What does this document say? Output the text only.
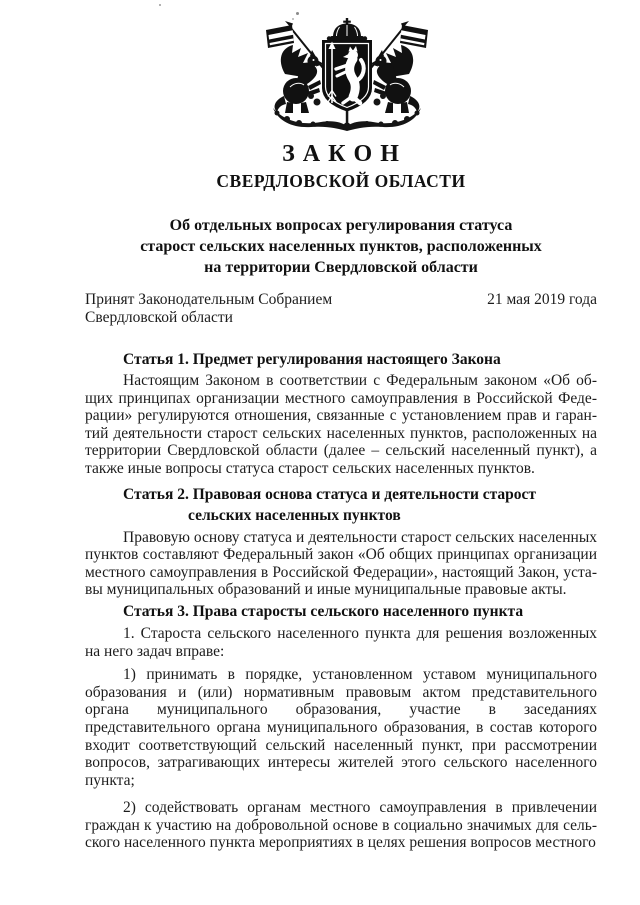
З А К О Н
СВЕРДЛОВСКОЙ ОБЛАСТИ
Об отдельных вопросах регулирования статуса
старост сельских населенных пунктов, расположенных
на территории Свердловской области
Принят Законодательным Собранием
Свердловской области
21 мая 2019 года
Статья 1. Предмет регулирования настоящего Закона

Настоящим Законом в соответствии с Федеральным законом «Об общих принципах организации местного самоуправления в Российской Федерации» регулируются отношения, связанные с установлением прав и гарантий деятельности старост сельских населенных пунктов, расположенных на территории Свердловской области (далее – сельский населенный пункт), а также иные вопросы статуса старост сельских населенных пунктов.

Статья 2. Правовая основа статуса и деятельности старост
сельских населенных пунктов

Правовую основу статуса и деятельности старост сельских населенных пунктов составляют Федеральный закон «Об общих принципах организации местного самоуправления в Российской Федерации», настоящий Закон, уставы муниципальных образований и иные муниципальные правовые акты.

Статья 3. Права старосты сельского населенного пункта

1. Староста сельского населенного пункта для решения возложенных на него задач вправе:

1) принимать в порядке, установленном уставом муниципального образования и (или) нормативным правовым актом представительного органа муниципального образования, участие в заседаниях представительного органа муниципального образования, в состав которого входит соответствующий сельский населенный пункт, при рассмотрении вопросов, затрагивающих интересы жителей этого сельского населенного пункта;

2) содействовать органам местного самоуправления в привлечении граждан к участию на добровольной основе в социально значимых для сельского населенного пункта мероприятиях в целях решения вопросов местного
